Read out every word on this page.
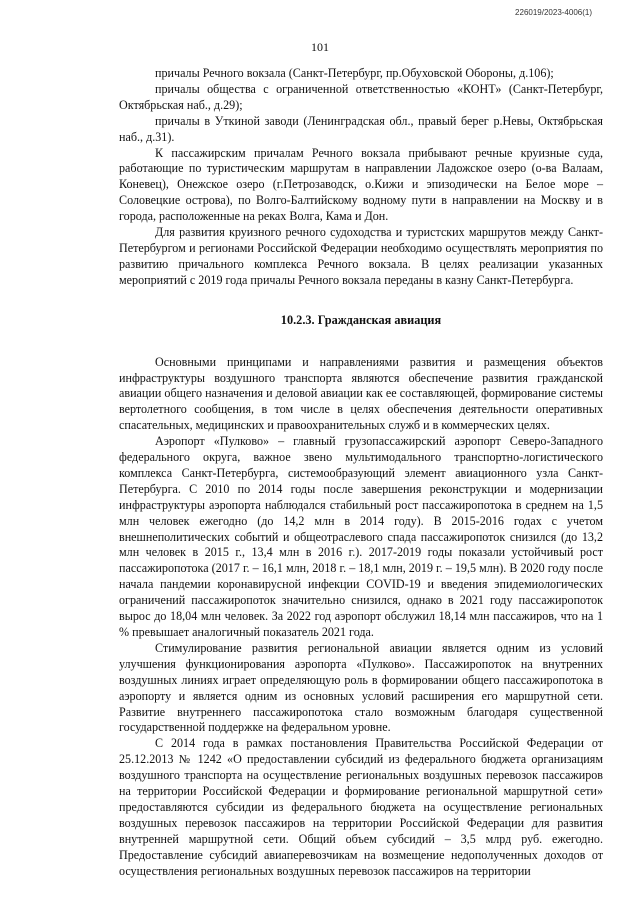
226019/2023-4006(1)
101

причалы Речного вокзала (Санкт-Петербург, пр.Обуховской Обороны, д.106);

причалы общества с ограниченной ответственностью «КОНТ» (Санкт-Петербург, Октябрьская наб., д.29);

причалы в Уткиной заводи (Ленинградская обл., правый берег р.Невы, Октябрьская наб., д.31).

К пассажирским причалам Речного вокзала прибывают речные круизные суда, работающие по туристическим маршрутам в направлении Ладожское озеро (о-ва Валаам, Коневец), Онежское озеро (г.Петрозаводск, о.Кижи и эпизодически на Белое море – Соловецкие острова), по Волго-Балтийскому водному пути в направлении на Москву и в города, расположенные на реках Волга, Кама и Дон.

Для развития круизного речного судоходства и туристских маршрутов между Санкт-Петербургом и регионами Российской Федерации необходимо осуществлять мероприятия по развитию причального комплекса Речного вокзала. В целях реализации указанных мероприятий с 2019 года причалы Речного вокзала переданы в казну Санкт-Петербурга.

10.2.3. Гражданская авиация

Основными принципами и направлениями развития и размещения объектов инфраструктуры воздушного транспорта являются обеспечение развития гражданской авиации общего назначения и деловой авиации как ее составляющей, формирование системы вертолетного сообщения, в том числе в целях обеспечения деятельности оперативных спасательных, медицинских и правоохранительных служб и в коммерческих целях.

Аэропорт «Пулково» – главный грузопассажирский аэропорт Северо-Западного федерального округа, важное звено мультимодального транспортно-логистического комплекса Санкт-Петербурга, системообразующий элемент авиационного узла Санкт-Петербурга. С 2010 по 2014 годы после завершения реконструкции и модернизации инфраструктуры аэропорта наблюдался стабильный рост пассажиропотока в среднем на 1,5 млн человек ежегодно (до 14,2 млн в 2014 году). В 2015-2016 годах с учетом внешнеполитических событий и общеотраслевого спада пассажиропоток снизился (до 13,2 млн человек в 2015 г., 13,4 млн в 2016 г.). 2017-2019 годы показали устойчивый рост пассажиропотока (2017 г. – 16,1 млн, 2018 г. – 18,1 млн, 2019 г. – 19,5 млн). В 2020 году после начала пандемии коронавирусной инфекции COVID-19 и введения эпидемиологических ограничений пассажиропоток значительно снизился, однако в 2021 году пассажиропоток вырос до 18,04 млн человек. За 2022 год аэропорт обслужил 18,14 млн пассажиров, что на 1 % превышает аналогичный показатель 2021 года.

Стимулирование развития региональной авиации является одним из условий улучшения функционирования аэропорта «Пулково». Пассажиропоток на внутренних воздушных линиях играет определяющую роль в формировании общего пассажиропотока в аэропорту и является одним из основных условий расширения его маршрутной сети. Развитие внутреннего пассажиропотока стало возможным благодаря существенной государственной поддержке на федеральном уровне.

С 2014 года в рамках постановления Правительства Российской Федерации от 25.12.2013 № 1242 «О предоставлении субсидий из федерального бюджета организациям воздушного транспорта на осуществление региональных воздушных перевозок пассажиров на территории Российской Федерации и формирование региональной маршрутной сети» предоставляются субсидии из федерального бюджета на осуществление региональных воздушных перевозок пассажиров на территории Российской Федерации для развития внутренней маршрутной сети. Общий объем субсидий – 3,5 млрд руб. ежегодно. Предоставление субсидий авиаперевозчикам на возмещение недополученных доходов от осуществления региональных воздушных перевозок пассажиров на территории
